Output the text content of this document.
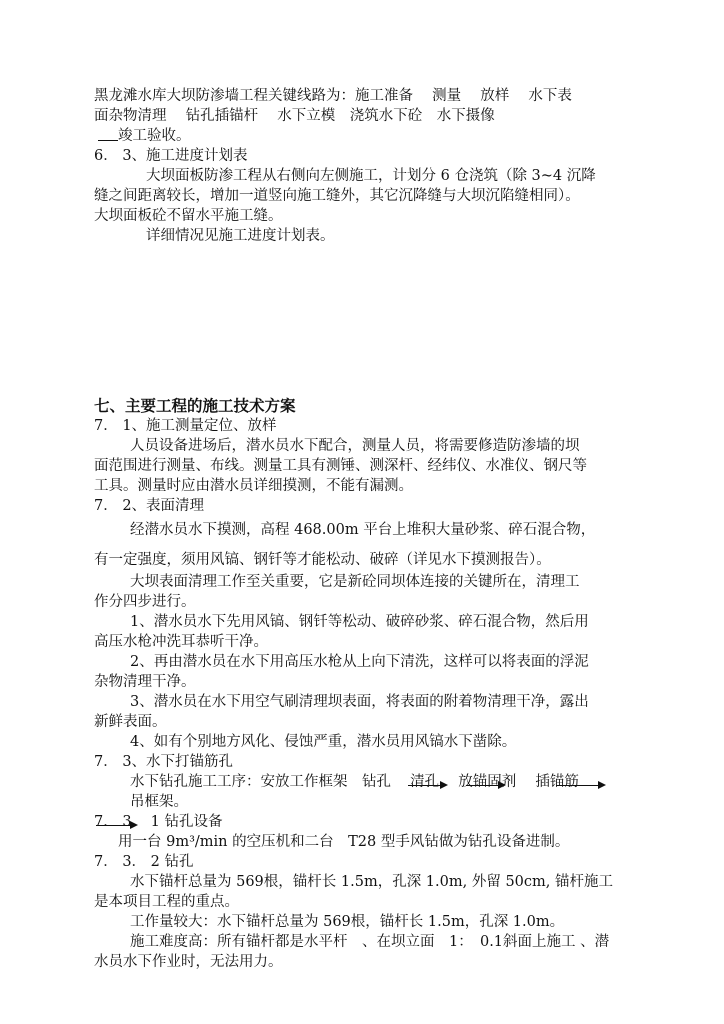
黑龙滩水库大坝防渗墙工程关键线路为：施工准备　 测量　 放样　 水下表
面杂物清理　 钻孔插锚杆　 水下立模　浇筑水下砼　水下摄像
竣工验收。
6． 3、施工进度计划表
大坝面板防渗工程从右侧向左侧施工，计划分 6 仓浇筑（除 3~4 沉降
缝之间距离较长，增加一道竖向施工缝外，其它沉降缝与大坝沉陷缝相同）。
大坝面板砼不留水平施工缝。
详细情况见施工进度计划表。
七、主要工程的施工技术方案
7． 1、施工测量定位、放样
人员设备进场后，潜水员水下配合，测量人员，将需要修造防渗墙的坝
面范围进行测量、布线。测量工具有测锤、测深杆、经纬仪、水准仪、钢尺等
工具。测量时应由潜水员详细摸测，不能有漏测。
7． 2、表面清理
经潜水员水下摸测，高程 468.00m 平台上堆积大量砂浆、碎石混合物，
有一定强度，须用风镐、钢钎等才能松动、破碎（详见水下摸测报告）。
大坝表面清理工作至关重要，它是新砼同坝体连接的关键所在，清理工
作分四步进行。
1、潜水员水下先用风镐、钢钎等松动、破碎砂浆、碎石混合物，然后用
高压水枪冲洗耳恭听干净。
2、再由潜水员在水下用高压水枪从上向下清洗，这样可以将表面的浮泥
杂物清理干净。
3、潜水员在水下用空气刷清理坝表面，将表面的附着物清理干净，露出
新鲜表面。
4、如有个别地方风化、侵蚀严重，潜水员用风镐水下凿除。
7． 3、水下打锚筋孔
水下钻孔施工工序：安放工作框架　钻孔　 清孔　 放锚固剂　 插锚筋
吊框架。
7． 3． 1 钻孔设备
用一台 9m³/min 的空压机和二台　T28 型手风钻做为钻孔设备进制。
7． 3． 2 钻孔
水下锚杆总量为 569根，锚杆长 1.5m，孔深 1.0m, 外留 50cm, 锚杆施工
是本项目工程的重点。
工作量较大：水下锚杆总量为 569根，锚杆长 1.5m，孔深 1.0m。
施工难度高：所有锚杆都是水平杆　、在坝立面　1：　0.1斜面上施工 、潜
水员水下作业时，无法用力。
